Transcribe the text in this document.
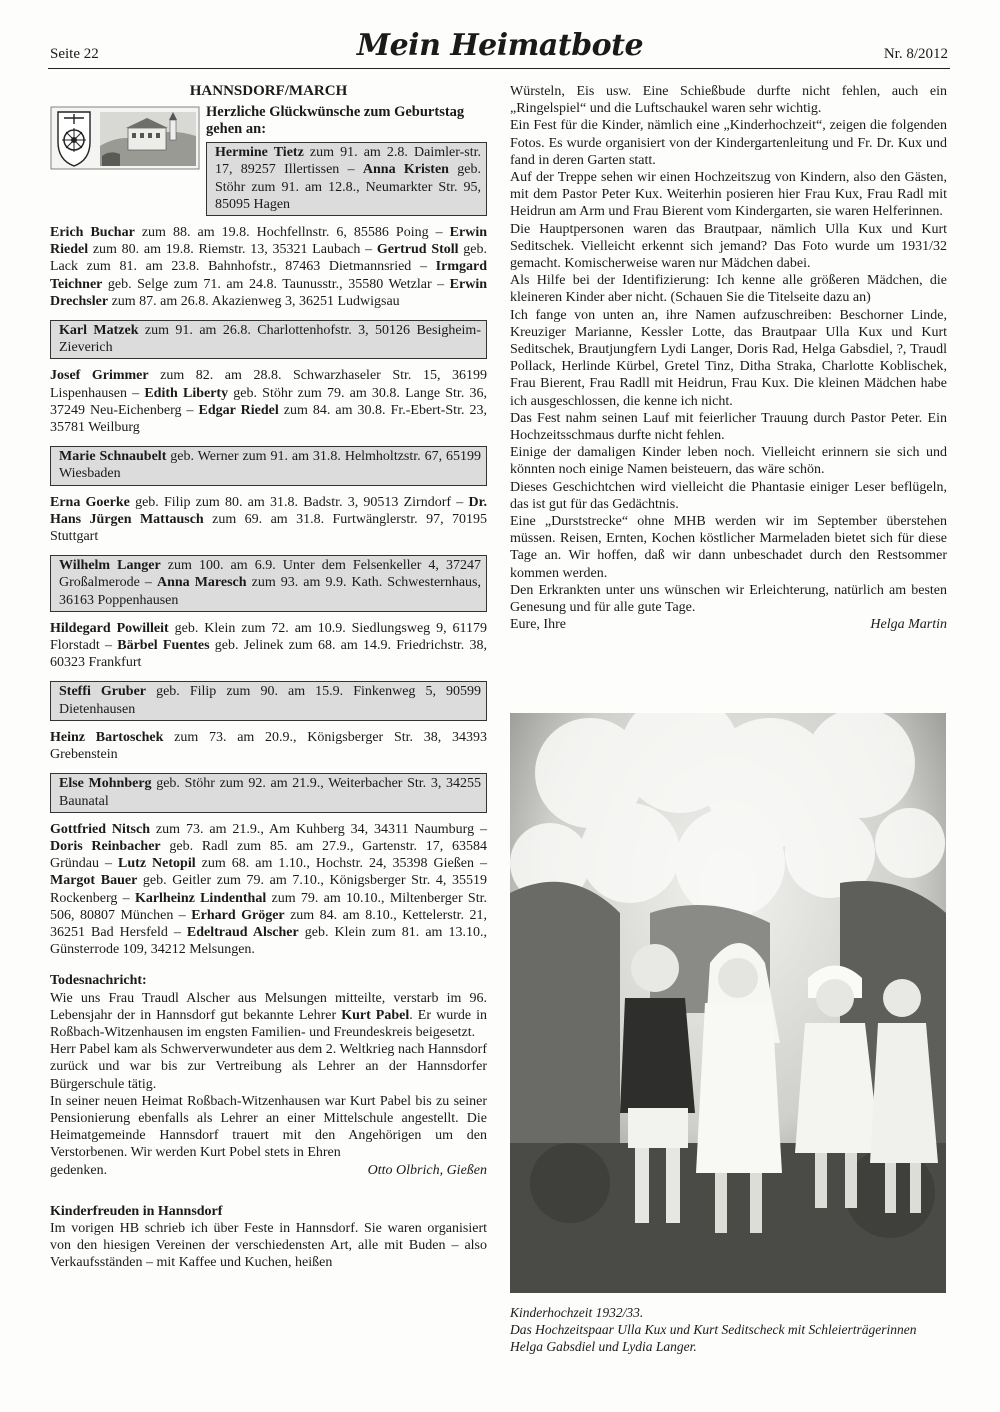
Seite 22	Mein Heimatbote	Nr. 8/2012
HANNSDORF/MARCH
Herzliche Glückwünsche zum Geburtstag gehen an:
Hermine Tietz zum 91. am 2.8. Daimler-str. 17, 89257 Illertissen – Anna Kristen geb. Stöhr zum 91. am 12.8., Neumarkter Str. 95, 85095 Hagen
Erich Buchar zum 88. am 19.8. Hochfellnstr. 6, 85586 Poing – Erwin Riedel zum 80. am 19.8. Riemstr. 13, 35321 Laubach – Gertrud Stoll geb. Lack zum 81. am 23.8. Bahnhofstr., 87463 Dietmannsried – Irmgard Teichner geb. Selge zum 71. am 24.8. Taunusstr., 35580 Wetzlar – Erwin Drechsler zum 87. am 26.8. Akazienweg 3, 36251 Ludwigsau
Karl Matzek zum 91. am 26.8. Charlottenhofstr. 3, 50126 Besigheim-Zieverich
Josef Grimmer zum 82. am 28.8. Schwarzhaseler Str. 15, 36199 Lispenhausen – Edith Liberty geb. Stöhr zum 79. am 30.8. Lange Str. 36, 37249 Neu-Eichenberg – Edgar Riedel zum 84. am 30.8. Fr.-Ebert-Str. 23, 35781 Weilburg
Marie Schnaubelt geb. Werner zum 91. am 31.8. Helmholtzstr. 67, 65199 Wiesbaden
Erna Goerke geb. Filip zum 80. am 31.8. Badstr. 3, 90513 Zirndorf – Dr. Hans Jürgen Mattausch zum 69. am 31.8. Furtwänglerstr. 97, 70195 Stuttgart
Wilhelm Langer zum 100. am 6.9. Unter dem Felsenkeller 4, 37247 Großalmerode – Anna Maresch zum 93. am 9.9. Kath. Schwesternhaus, 36163 Poppenhausen
Hildegard Powilleit geb. Klein zum 72. am 10.9. Siedlungsweg 9, 61179 Florstadt – Bärbel Fuentes geb. Jelinek zum 68. am 14.9. Friedrichstr. 38, 60323 Frankfurt
Steffi Gruber geb. Filip zum 90. am 15.9. Finkenweg 5, 90599 Dietenhausen
Heinz Bartoschek zum 73. am 20.9., Königsberger Str. 38, 34393 Grebenstein
Else Mohnberg geb. Stöhr zum 92. am 21.9., Weiterbacher Str. 3, 34255 Baunatal
Gottfried Nitsch zum 73. am 21.9., Am Kuhberg 34, 34311 Naumburg – Doris Reinbacher geb. Radl zum 85. am 27.9., Gartenstr. 17, 63584 Gründau – Lutz Netopil zum 68. am 1.10., Hochstr. 24, 35398 Gießen – Margot Bauer geb. Geitler zum 79. am 7.10., Königsberger Str. 4, 35519 Rockenberg – Karlheinz Lindenthal zum 79. am 10.10., Miltenberger Str. 506, 80807 München – Erhard Gröger zum 84. am 8.10., Kettelerstr. 21, 36251 Bad Hersfeld – Edeltraud Alscher geb. Klein zum 81. am 13.10., Günsterrode 109, 34212 Melsungen.
Todesnachricht:
Wie uns Frau Traudl Alscher aus Melsungen mitteilte, verstarb im 96. Lebensjahr der in Hannsdorf gut bekannte Lehrer Kurt Pabel. Er wurde in Roßbach-Witzenhausen im engsten Familien- und Freundeskreis beigesetzt.
Herr Pabel kam als Schwerverwundeter aus dem 2. Weltkrieg nach Hannsdorf zurück und war bis zur Vertreibung als Lehrer an der Hannsdorfer Bürgerschule tätig.
In seiner neuen Heimat Roßbach-Witzenhausen war Kurt Pabel bis zu seiner Pensionierung ebenfalls als Lehrer an einer Mittelschule angestellt. Die Heimatgemeinde Hannsdorf trauert mit den Angehörigen um den Verstorbenen. Wir werden Kurt Pobel stets in Ehren
gedenken.	Otto Olbrich, Gießen
Kinderfreuden in Hannsdorf
Im vorigen HB schrieb ich über Feste in Hannsdorf. Sie waren organisiert von den hiesigen Vereinen der verschiedensten Art, alle mit Buden – also Verkaufsständen – mit Kaffee und Kuchen, heißen
Würsteln, Eis usw. Eine Schießbude durfte nicht fehlen, auch ein „Ringelspiel“ und die Luftschaukel waren sehr wichtig.
Ein Fest für die Kinder, nämlich eine „Kinderhochzeit“, zeigen die folgenden Fotos. Es wurde organisiert von der Kindergartenleitung und Fr. Dr. Kux und fand in deren Garten statt.
Auf der Treppe sehen wir einen Hochzeitszug von Kindern, also den Gästen, mit dem Pastor Peter Kux. Weiterhin posieren hier Frau Kux, Frau Radl mit Heidrun am Arm und Frau Bierent vom Kindergarten, sie waren Helferinnen.
Die Hauptpersonen waren das Brautpaar, nämlich Ulla Kux und Kurt Seditschek. Vielleicht erkennt sich jemand? Das Foto wurde um 1931/32 gemacht. Komischerweise waren nur Mädchen dabei.
Als Hilfe bei der Identifizierung: Ich kenne alle größeren Mädchen, die kleineren Kinder aber nicht. (Schauen Sie die Titelseite dazu an)
Ich fange von unten an, ihre Namen aufzuschreiben: Beschorner Linde, Kreuziger Marianne, Kessler Lotte, das Brautpaar Ulla Kux und Kurt Seditschek, Brautjungfern Lydi Langer, Doris Rad, Helga Gabsdiel, ?, Traudl Pollack, Herlinde Kürbel, Gretel Tinz, Ditha Straka, Charlotte Koblischek, Frau Bierent, Frau Radll mit Heidrun, Frau Kux. Die kleinen Mädchen habe ich ausgeschlossen, die kenne ich nicht.
Das Fest nahm seinen Lauf mit feierlicher Trauung durch Pastor Peter. Ein Hochzeitsschmaus durfte nicht fehlen.
Einige der damaligen Kinder leben noch. Vielleicht erinnern sie sich und könnten noch einige Namen beisteuern, das wäre schön.
Dieses Geschichtchen wird vielleicht die Phantasie einiger Leser beflügeln, das ist gut für das Gedächtnis.
Eine „Durststrecke“ ohne MHB werden wir im September überstehen müssen. Reisen, Ernten, Kochen köstlicher Marmeladen bietet sich für diese Tage an. Wir hoffen, daß wir dann unbeschadet durch den Restsommer kommen werden.
Den Erkrankten unter uns wünschen wir Erleichterung, natürlich am besten Genesung und für alle gute Tage.
Eure, Ihre	Helga Martin
Kinderhochzeit 1932/33.
Das Hochzeitspaar Ulla Kux und Kurt Seditscheck mit Schleierträgerinnen Helga Gabsdiel und Lydia Langer.
